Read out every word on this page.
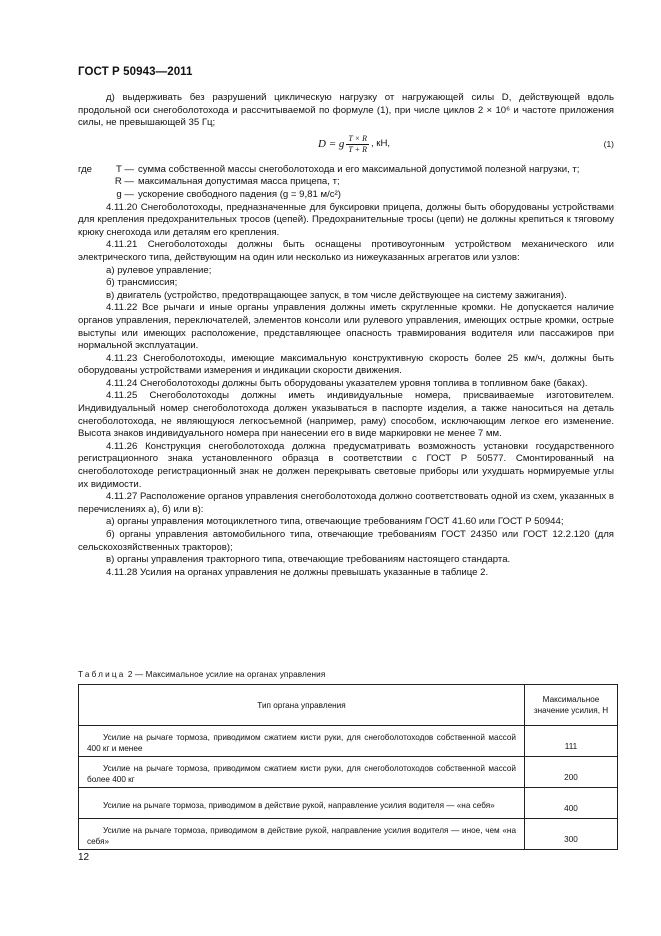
ГОСТ Р 50943—2011

д) выдерживать без разрушений циклическую нагрузку от нагружающей силы D, действующей вдоль продольной оси снегоболотохода и рассчитываемой по формуле (1), при числе циклов 2 × 10⁶ и частоте приложения силы, не превышающей 35 Гц;

D = g $\frac{T \times R}{T + R}$ , кН,	(1)
где	T — сумма собственной массы снегоболотохода и его максимальной допустимой полезной нагрузки, т;
R — максимальная допустимая масса прицепа, т;
g — ускорение свободного падения (g = 9,81 м/с²)

4.11.20 Снегоболотоходы, предназначенные для буксировки прицепа, должны быть оборудованы устройствами для крепления предохранительных тросов (цепей). Предохранительные тросы (цепи) не должны крепиться к тяговому крюку снегохода или деталям его крепления.

4.11.21 Снегоболотоходы должны быть оснащены противоугонным устройством механического или электрического типа, действующим на один или несколько из нижеуказанных агрегатов или узлов:

а) рулевое управление;

б) трансмиссия;

в) двигатель (устройство, предотвращающее запуск, в том числе действующее на систему зажигания).

4.11.22 Все рычаги и иные органы управления должны иметь скругленные кромки. Не допускается наличие органов управления, переключателей, элементов консоли или рулевого управления, имеющих острые кромки, острые выступы или имеющих расположение, представляющее опасность травмирования водителя или пассажиров при нормальной эксплуатации.

4.11.23 Снегоболотоходы, имеющие максимальную конструктивную скорость более 25 км/ч, должны быть оборудованы устройствами измерения и индикации скорости движения.

4.11.24 Снегоболотоходы должны быть оборудованы указателем уровня топлива в топливном баке (баках).

4.11.25 Снегоболотоходы должны иметь индивидуальные номера, присваиваемые изготовителем. Индивидуальный номер снегоболотохода должен указываться в паспорте изделия, а также наноситься на деталь снегоболотохода, не являющуюся легкосъемной (например, раму) способом, исключающим легкое его изменение. Высота знаков индивидуального номера при нанесении его в виде маркировки не менее 7 мм.

4.11.26 Конструкция снегоболотохода должна предусматривать возможность установки государственного регистрационного знака установленного образца в соответствии с ГОСТ Р 50577. Смонтированный на снегоболотоходе регистрационный знак не должен перекрывать световые приборы или ухудшать нормируемые углы их видимости.

4.11.27 Расположение органов управления снегоболотохода должно соответствовать одной из схем, указанных в перечислениях а), б) или в):

а) органы управления мотоциклетного типа, отвечающие требованиям ГОСТ 41.60 или ГОСТ Р 50944;

б) органы управления автомобильного типа, отвечающие требованиям ГОСТ 24350 или ГОСТ 12.2.120 (для сельскохозяйственных тракторов);

в) органы управления тракторного типа, отвечающие требованиям настоящего стандарта.

4.11.28 Усилия на органах управления не должны превышать указанные в таблице 2.

Таблица 2 — Максимальное усилие на органах управления
Тип органа управления	Максимальное значение усилия, Н
Усилие на рычаге тормоза, приводимом сжатием кисти руки, для снегоболотоходов собственной массой 400 кг и менее	111
Усилие на рычаге тормоза, приводимом сжатием кисти руки, для снегоболотоходов собственной массой более 400 кг	200
Усилие на рычаге тормоза, приводимом в действие рукой, направление усилия водителя — «на себя»	400
Усилие на рычаге тормоза, приводимом в действие рукой, направление усилия водителя — иное, чем «на себя»	300
12
